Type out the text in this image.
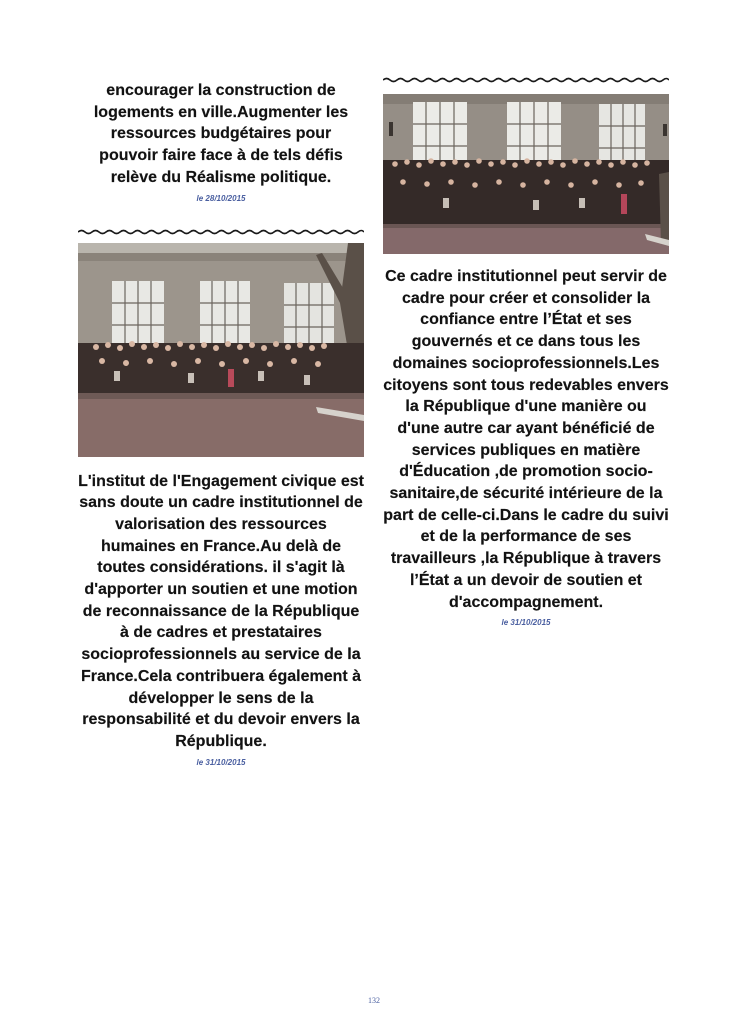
encourager la construction de logements en ville.Augmenter les ressources budgétaires pour pouvoir faire face à de tels défis relève du Réalisme politique.

le 28/10/2015

L'institut de l'Engagement civique est sans doute un cadre institutionnel de valorisation des ressources humaines en France.Au delà de toutes considérations. il s'agit là d'apporter un soutien et une motion de reconnaissance de la République à de cadres et prestataires socioprofessionnels au service de la France.Cela contribuera également à développer le sens de la responsabilité et du devoir envers la République.

le 31/10/2015

Ce cadre institutionnel peut servir de cadre pour créer et consolider la confiance entre l’État et ses gouvernés et ce dans tous les domaines socioprofessionnels.Les citoyens sont tous redevables envers la République d'une manière ou d'une autre car ayant bénéficié de services publiques en matière d'Éducation ,de promotion socio-sanitaire,de sécurité intérieure de la part de celle-ci.Dans le cadre du suivi et de la performance de ses travailleurs ,la République à travers l’État a un devoir de soutien et d'accompagnement.

le 31/10/2015
132
